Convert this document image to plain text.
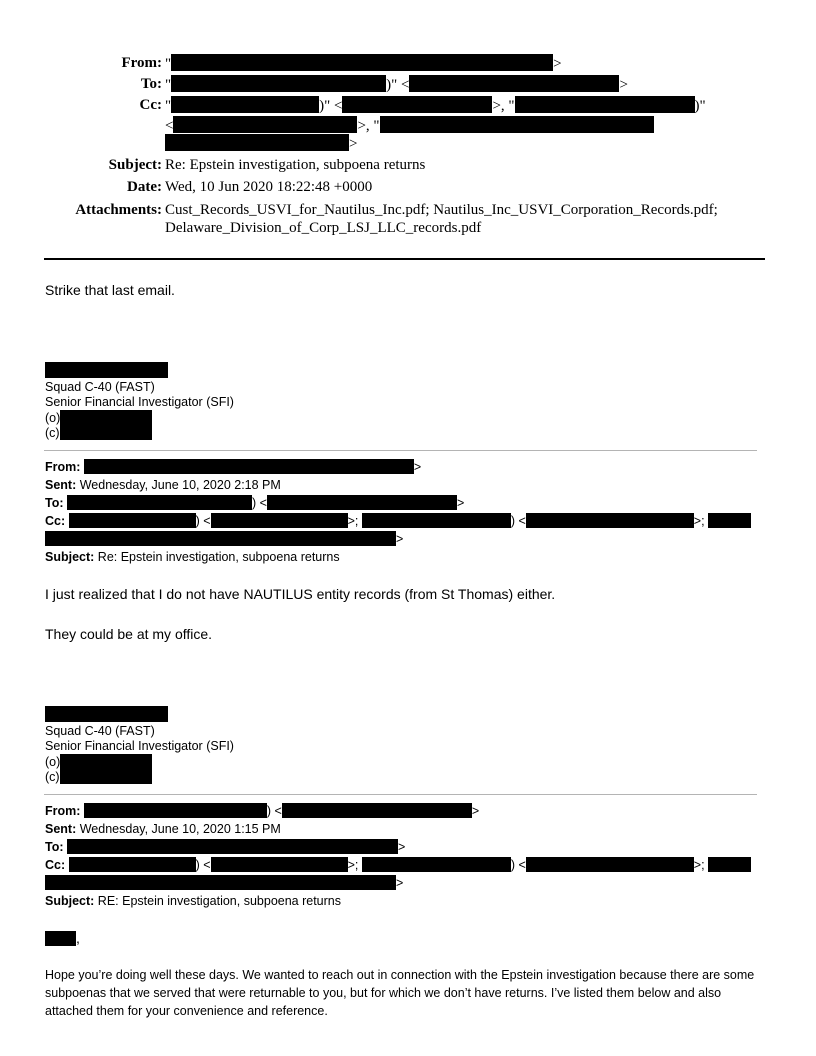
From: "	>
To: "	)" <	>
Cc: "	)" <	>, "	)"
<	>, "
>
Subject: Re: Epstein investigation, subpoena returns
Date: Wed, 10 Jun 2020 18:22:48 +0000
Attachments: Cust_Records_USVI_for_Nautilus_Inc.pdf; Nautilus_Inc_USVI_Corporation_Records.pdf;
Delaware_Division_of_Corp_LSJ_LLC_records.pdf
Strike that last email.
Squad C-40 (FAST)
Senior Financial Investigator (SFI)
(o)
(c)
From:	>
Sent: Wednesday, June 10, 2020 2:18 PM
To:	) <	>
Cc:	) <	>;	) <	>;
>
Subject: Re: Epstein investigation, subpoena returns
I just realized that I do not have NAUTILUS entity records (from St Thomas) either.
They could be at my office.
Squad C-40 (FAST)
Senior Financial Investigator (SFI)
(o)
(c)
From:	) <	>
Sent: Wednesday, June 10, 2020 1:15 PM
To:	>
Cc:	) <	>;	) <	>;
>
Subject: RE: Epstein investigation, subpoena returns
,
Hope you’re doing well these days. We wanted to reach out in connection with the Epstein investigation because there are some subpoenas that we served that were returnable to you, but for which we don’t have returns. I’ve listed them below and also attached them for your convenience and reference.
